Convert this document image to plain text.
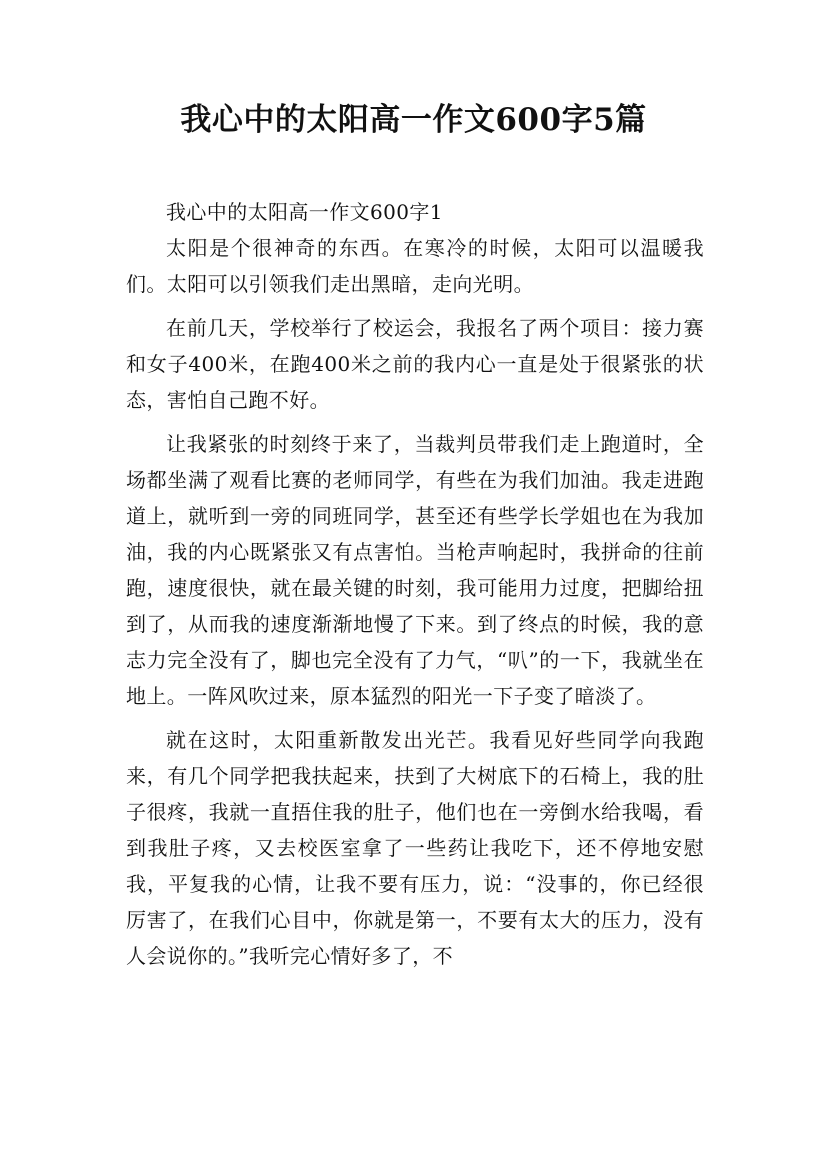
我心中的太阳高一作文600字5篇

我心中的太阳高一作文600字1

太阳是个很神奇的东西。在寒冷的时候，太阳可以温暖我们。太阳可以引领我们走出黑暗，走向光明。

在前几天，学校举行了校运会，我报名了两个项目：接力赛和女子400米，在跑400米之前的我内心一直是处于很紧张的状态，害怕自己跑不好。

让我紧张的时刻终于来了，当裁判员带我们走上跑道时，全场都坐满了观看比赛的老师同学，有些在为我们加油。我走进跑道上，就听到一旁的同班同学，甚至还有些学长学姐也在为我加油，我的内心既紧张又有点害怕。当枪声响起时，我拼命的往前跑，速度很快，就在最关键的时刻，我可能用力过度，把脚给扭到了，从而我的速度渐渐地慢了下来。到了终点的时候，我的意志力完全没有了，脚也完全没有了力气，“叭”的一下，我就坐在地上。一阵风吹过来，原本猛烈的阳光一下子变了暗淡了。

就在这时，太阳重新散发出光芒。我看见好些同学向我跑来，有几个同学把我扶起来，扶到了大树底下的石椅上，我的肚子很疼，我就一直捂住我的肚子，他们也在一旁倒水给我喝，看到我肚子疼，又去校医室拿了一些药让我吃下，还不停地安慰我，平复我的心情，让我不要有压力，说：“没事的，你已经很厉害了，在我们心目中，你就是第一，不要有太大的压力，没有人会说你的。”我听完心情好多了，不
